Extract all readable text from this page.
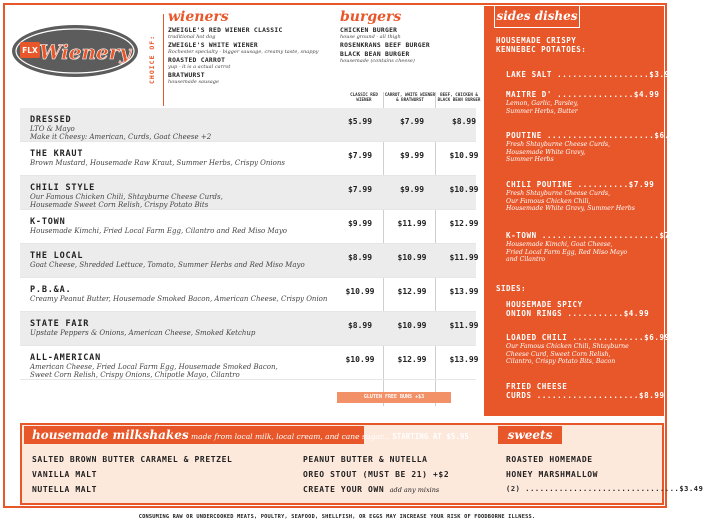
FLX Wienery	CHOICE OF:
wieners
ZWEIGLE'S RED WIENER CLASSIC
traditional hot dog
ZWEIGLE'S WHITE WIENER
Rochester specialty - bigger sausage, creamy taste, snappy
ROASTED CARROT
yup - it is a actual carrot
BRATWURST
housemade sausage
burgers
CHICKEN BURGER
house ground - all thigh
ROSENKRANS BEEF BURGER
BLACK BEAN BURGER
housemade (contains cheese)
CLASSIC RED WIENER
CARROT, WHITE WIENER & BRATWURST
BEEF, CHICKEN & BLACK BEAN BURGER
DRESSED
LTO & Mayo
Make it Cheesy: American, Curds, Goat Cheese +2
$5.99	$7.99	$8.99
THE KRAUT
Brown Mustard, Housemade Raw Kraut, Summer Herbs, Crispy Onions
$7.99	$9.99	$10.99
CHILI STYLE
Our Famous Chicken Chili, Shtayburne Cheese Curds,
Housemade Sweet Corn Relish, Crispy Potato Bits
$7.99	$9.99	$10.99
K-TOWN
Housemade Kimchi, Fried Local Farm Egg, Cilantro and Red Miso Mayo
$9.99	$11.99	$12.99
THE LOCAL
Goat Cheese, Shredded Lettuce, Tomato, Summer Herbs and Red Miso Mayo
$8.99	$10.99	$11.99
P.B.&A.
Creamy Peanut Butter, Housemade Smoked Bacon, American Cheese, Crispy Onion
$10.99	$12.99	$13.99
STATE FAIR
Upstate Peppers & Onions, American Cheese, Smoked Ketchup
$8.99	$10.99	$11.99
ALL-AMERICAN
American Cheese, Fried Local Farm Egg, Housemade Smoked Bacon,
Sweet Corn Relish, Crispy Onions, Chipotle Mayo, Cilantro
$10.99	$12.99	$13.99
GLUTEN FREE BUNS +$3
HOUSEMADE CRISPY
KENNEBEC POTATOES:
LAKE SALT ..................$3.99
MAITRE D' ...............$4.99
Lemon, Garlic, Parsley,
Summer Herbs, Butter
POUTINE .....................$6.99
Fresh Shtayburne Cheese Curds,
Housemade White Gravy,
Summer Herbs
CHILI POUTINE ..........$7.99
Fresh Shtayburne Cheese Curds,
Our Famous Chicken Chili,
Housemade White Gravy, Summer Herbs
K-TOWN .......................$7.99
Housemade Kimchi, Goat Cheese,
Fried Local Farm Egg, Red Miso Mayo
and Cilantro
SIDES:
HOUSEMADE SPICY
ONION RINGS ...........$4.99
LOADED CHILI ..............$6.99
Our Famous Chicken Chili, Shtayburne
Cheese Curd, Sweet Corn Relish,
Cilantro, Crispy Potato Bits, Bacon
FRIED CHEESE
CURDS ....................$8.99
sides dishes
housemade milkshakes made from local milk, local cream, and cane sugar... STARTING AT $5.95
SALTED BROWN BUTTER CARAMEL & PRETZEL
VANILLA MALT
NUTELLA MALT
PEANUT BUTTER & NUTELLA
OREO STOUT (MUST BE 21) +$2
CREATE YOUR OWN add any mixins
sweets
ROASTED HOMEMADE
HONEY MARSHMALLOW
(2) ................................$3.49
CONSUMING RAW OR UNDERCOOKED MEATS, POULTRY, SEAFOOD, SHELLFISH, OR EGGS MAY INCREASE YOUR RISK OF FOODBORNE ILLNESS.
